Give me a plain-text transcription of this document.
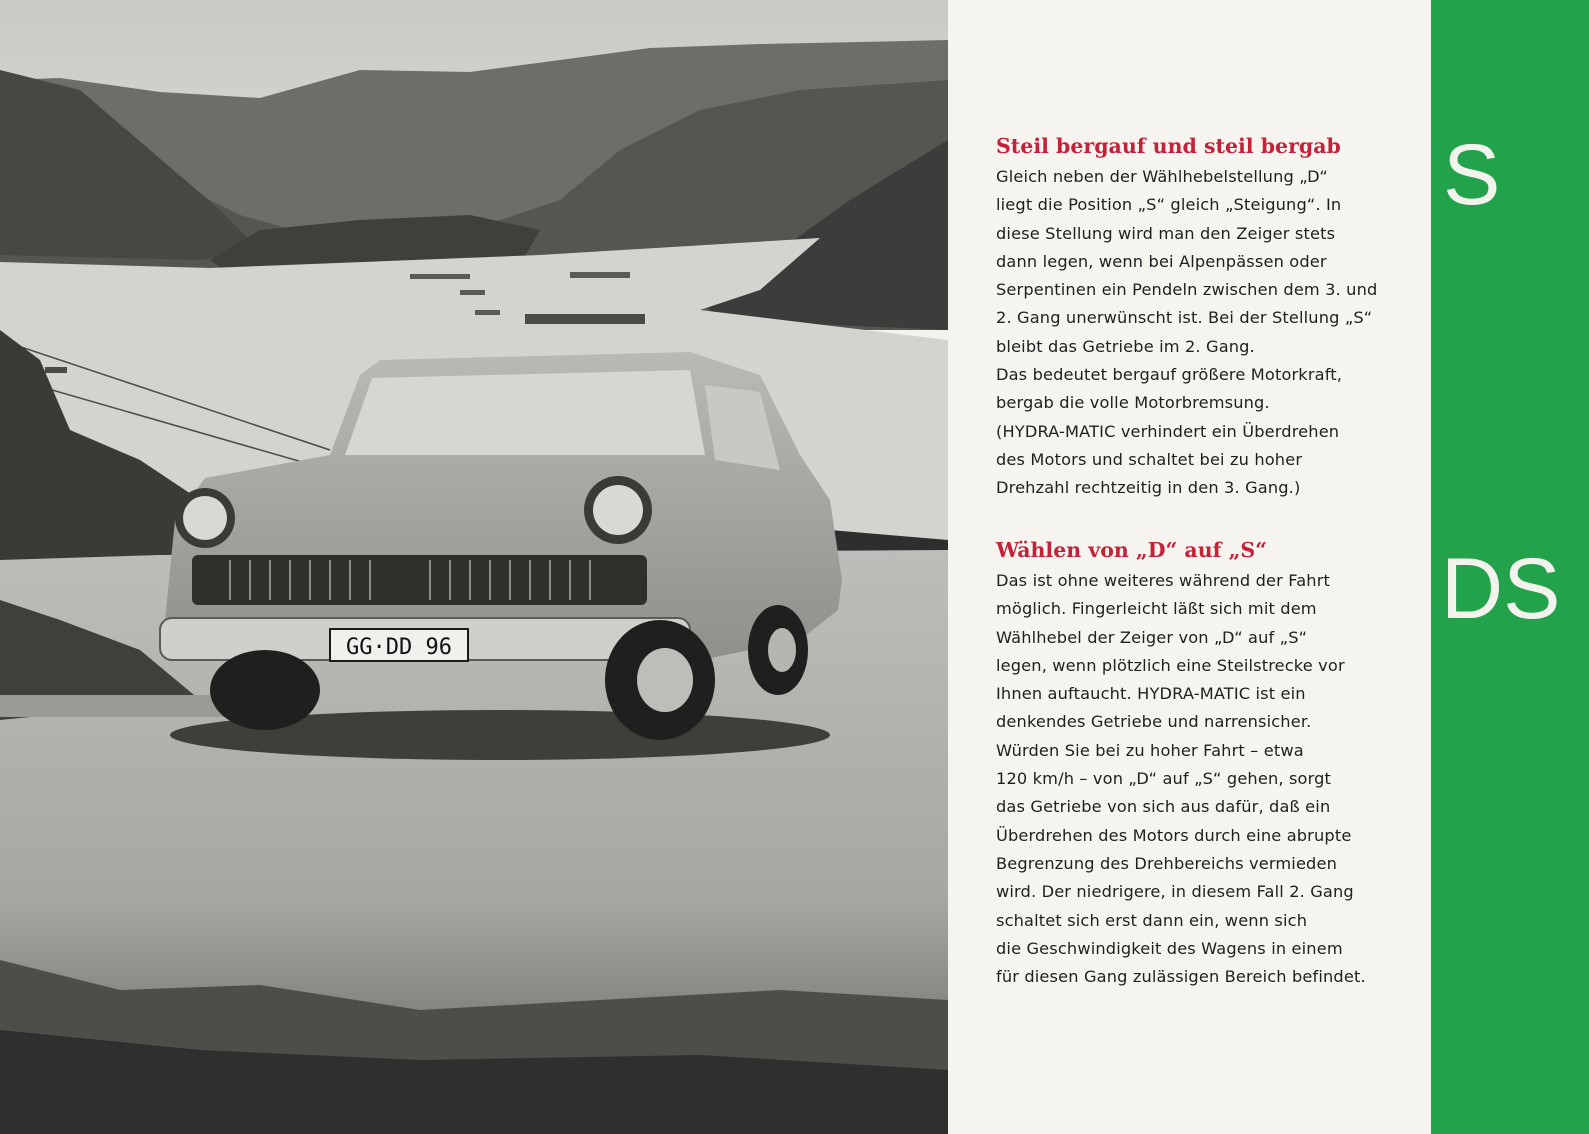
GG·DD 96
Steil bergauf und steil bergab
Gleich neben der Wählhebelstellung „D“
liegt die Position „S“ gleich „Steigung“. In
diese Stellung wird man den Zeiger stets
dann legen, wenn bei Alpenpässen oder
Serpentinen ein Pendeln zwischen dem 3. und
2. Gang unerwünscht ist. Bei der Stellung „S“
bleibt das Getriebe im 2. Gang.
Das bedeutet bergauf größere Motorkraft,
bergab die volle Motorbremsung.
(HYDRA-MATIC verhindert ein Überdrehen
des Motors und schaltet bei zu hoher
Drehzahl rechtzeitig in den 3. Gang.)
Wählen von „D“ auf „S“
Das ist ohne weiteres während der Fahrt
möglich. Fingerleicht läßt sich mit dem
Wählhebel der Zeiger von „D“ auf „S“
legen, wenn plötzlich eine Steilstrecke vor
Ihnen auftaucht. HYDRA-MATIC ist ein
denkendes Getriebe und narrensicher.
Würden Sie bei zu hoher Fahrt – etwa
120 km/h – von „D“ auf „S“ gehen, sorgt
das Getriebe von sich aus dafür, daß ein
Überdrehen des Motors durch eine abrupte
Begrenzung des Drehbereichs vermieden
wird. Der niedrigere, in diesem Fall 2. Gang
schaltet sich erst dann ein, wenn sich
die Geschwindigkeit des Wagens in einem
für diesen Gang zulässigen Bereich befindet.
S
DS
